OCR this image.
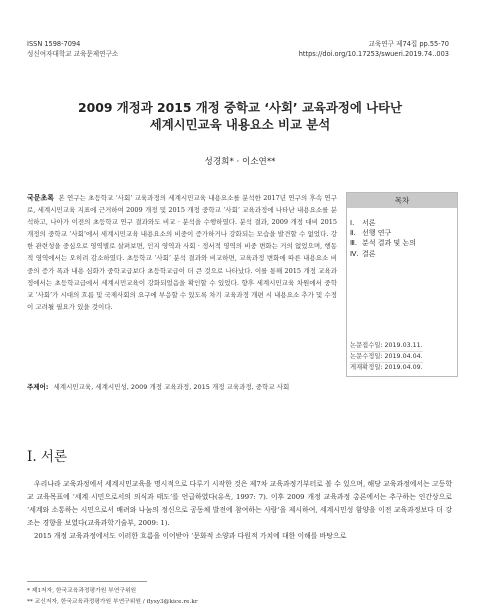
ISSN 1598-7094
성신여자대학교 교육문제연구소
교육연구 제74집 pp.55-70
https://doi.org/10.17253/swueri.2019.74..003
2009 개정과 2015 개정 중학교 ‘사회’ 교육과정에 나타난
세계시민교육 내용요소 비교 분석
성경희* · 이소연**
국문초록 본 연구는 초등학교 ‘사회’ 교육과정의 세계시민교육 내용요소를 분석한 2017년 연구의 후속 연구로, 세계시민교육 지표에 근거하여 2009 개정 및 2015 개정 중학교 ‘사회’ 교육과정에 나타난 내용요소를 분석하고, 나아가 이전의 초등학교 연구 결과와도 비교 · 분석을 수행하였다. 분석 결과, 2009 개정 대비 2015 개정의 중학교 ‘사회’에서 세계시민교육 내용요소의 비중이 증가하거나 강화되는 모습을 발견할 수 없었다. 강한 관련성을 중심으로 영역별로 살펴보면, 인지 영역과 사회 · 정서적 영역의 비중 변화는 거의 없었으며, 행동적 영역에서는 오히려 감소하였다. 초등학교 ‘사회’ 분석 결과와 비교하면, 교육과정 변화에 따른 내용요소 비중의 증가 폭과 내용 심화가 중학교급보다 초등학교급이 더 큰 것으로 나타났다. 이를 통해 2015 개정 교육과정에서는 초등학교급에서 세계시민교육이 강화되었음을 확인할 수 있었다. 향후 세계시민교육 차원에서 중학교 ‘사회’가 시대의 흐름 및 국제사회의 요구에 부응할 수 있도록 차기 교육과정 개편 시 내용요소 추가 및 수정이 고려될 필요가 있을 것이다.
목차
Ⅰ. 서론
Ⅱ. 선행 연구
Ⅲ. 분석 결과 및 논의
Ⅳ. 결론
논문접수일: 2019.03.11.
논문수정일: 2019.04.04.
게재확정일: 2019.04.09.
주제어: 세계시민교육, 세계시민성, 2009 개정 교육과정, 2015 개정 교육과정, 중학교 사회
Ⅰ. 서론

우리나라 교육과정에서 세계시민교육을 명시적으로 다루기 시작한 것은 제7차 교육과정기부터로 볼 수 있으며, 해당 교육과정에서는 고등학교 교육목표에 ‘세계 시민으로서의 의식과 태도’를 언급하였다(유옥, 1997: 7). 이후 2009 개정 교육과정 총론에서는 추구하는 인간상으로 ‘세계와 소통하는 시민으로서 배려와 나눔의 정신으로 공동체 발전에 참여하는 사람’을 제시하여, 세계시민성 함양을 이전 교육과정보다 더 강조는 경향을 보였다(교육과학기술부, 2009: 1).

2015 개정 교육과정에서도 이러한 흐름을 이어받아 ‘문화적 소양과 다원적 가치에 대한 이해를 바탕으로

* 제1저자, 한국교육과정평가원 부연구위원
** 교신저자, 한국교육과정평가원 부연구위원 / flysy3@kice.re.kr
